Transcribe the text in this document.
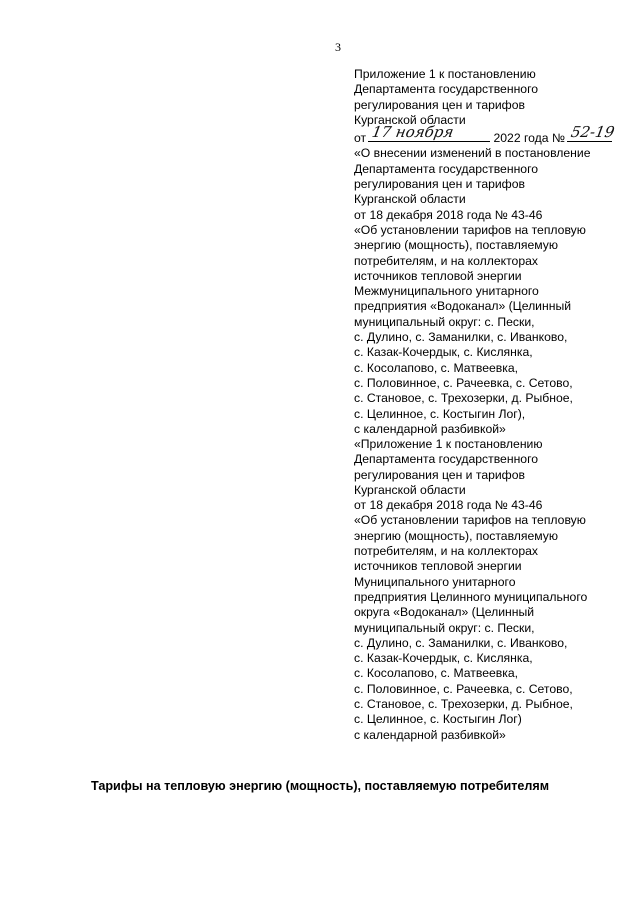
3
Приложение 1 к постановлению
Департамента государственного
регулирования цен и тарифов
Курганской области
от 17 ноября	2022 года № 52-19
«О внесении изменений в постановление
Департамента государственного
регулирования цен и тарифов
Курганской области
от 18 декабря 2018 года № 43-46
«Об установлении тарифов на тепловую
энергию (мощность), поставляемую
потребителям, и на коллекторах
источников тепловой энергии
Межмуниципального унитарного
предприятия «Водоканал» (Целинный
муниципальный округ: с. Пески,
с. Дулино, с. Заманилки, с. Иванково,
с. Казак-Кочердык, с. Кислянка,
с. Косолапово, с. Матвеевка,
с. Половинное, с. Рачеевка, с. Сетово,
с. Становое, с. Трехозерки, д. Рыбное,
с. Целинное, с. Костыгин Лог),
с календарной разбивкой»
«Приложение 1 к постановлению
Департамента государственного
регулирования цен и тарифов
Курганской области
от 18 декабря 2018 года № 43-46
«Об установлении тарифов на тепловую
энергию (мощность), поставляемую
потребителям, и на коллекторах
источников тепловой энергии
Муниципального унитарного
предприятия Целинного муниципального
округа «Водоканал» (Целинный
муниципальный округ: с. Пески,
с. Дулино, с. Заманилки, с. Иванково,
с. Казак-Кочердык, с. Кислянка,
с. Косолапово, с. Матвеевка,
с. Половинное, с. Рачеевка, с. Сетово,
с. Становое, с. Трехозерки, д. Рыбное,
с. Целинное, с. Костыгин Лог)
с календарной разбивкой»
Тарифы на тепловую энергию (мощность), поставляемую потребителям
